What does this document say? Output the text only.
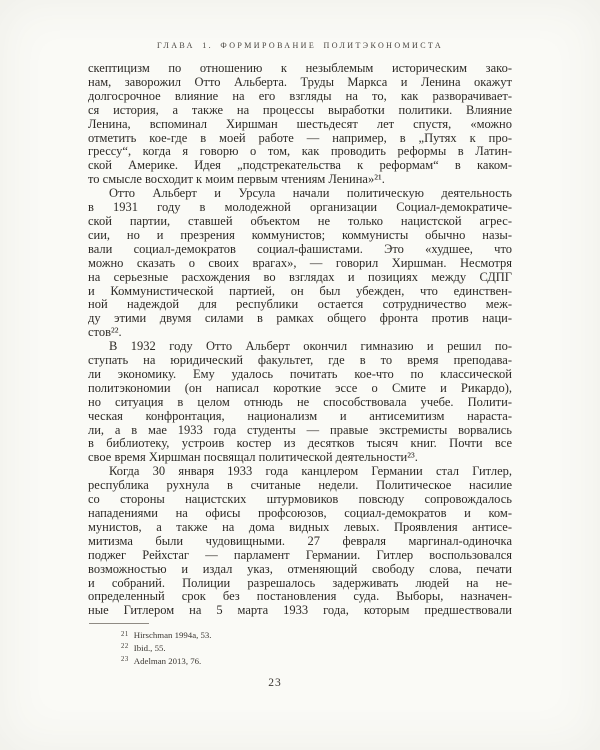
ГЛАВА 1. ФОРМИРОВАНИЕ ПОЛИТЭКОНОМИСТА
скептицизм по отношению к незыблемым историческим зако-
нам, заворожил Отто Альберта. Труды Маркса и Ленина окажут
долгосрочное влияние на его взгляды на то, как разворачивает-
ся история, а также на процессы выработки политики. Влияние
Ленина, вспоминал Хиршман шестьдесят лет спустя, «можно
отметить кое-где в моей работе — например, в „Путях к про-
грессу“, когда я говорю о том, как проводить реформы в Латин-
ской Америке. Идея „подстрекательства к реформам“ в каком-
то смысле восходит к моим первым чтениям Ленина»²¹.
Отто Альберт и Урсула начали политическую деятельность
в 1931 году в молодежной организации Социал-демократиче-
ской партии, ставшей объектом не только нацистской агрес-
сии, но и презрения коммунистов; коммунисты обычно назы-
вали социал-демократов социал-фашистами. Это «худшее, что
можно сказать о своих врагах», — говорил Хиршман. Несмотря
на серьезные расхождения во взглядах и позициях между СДПГ
и Коммунистической партией, он был убежден, что единствен-
ной надеждой для республики остается сотрудничество меж-
ду этими двумя силами в рамках общего фронта против наци-
стов²².
В 1932 году Отто Альберт окончил гимназию и решил по-
ступать на юридический факультет, где в то время преподава-
ли экономику. Ему удалось почитать кое-что по классической
политэкономии (он написал короткие эссе о Смите и Рикардо),
но ситуация в целом отнюдь не способствовала учебе. Полити-
ческая конфронтация, национализм и антисемитизм нараста-
ли, а в мае 1933 года студенты — правые экстремисты ворвались
в библиотеку, устроив костер из десятков тысяч книг. Почти все
свое время Хиршман посвящал политической деятельности²³.
Когда 30 января 1933 года канцлером Германии стал Гитлер,
республика рухнула в считаные недели. Политическое насилие
со стороны нацистских штурмовиков повсюду сопровождалось
нападениями на офисы профсоюзов, социал-демократов и ком-
мунистов, а также на дома видных левых. Проявления антисе-
митизма были чудовищными. 27 февраля маргинал-одиночка
поджег Рейхстаг — парламент Германии. Гитлер воспользовался
возможностью и издал указ, отменяющий свободу слова, печати
и собраний. Полиции разрешалось задерживать людей на не-
определенный срок без постановления суда. Выборы, назначен-
ные Гитлером на 5 марта 1933 года, которым предшествовали
$^{21}$ Hirschman 1994a, 53.
$^{22}$ Ibid., 55.
$^{23}$ Adelman 2013, 76.
23
